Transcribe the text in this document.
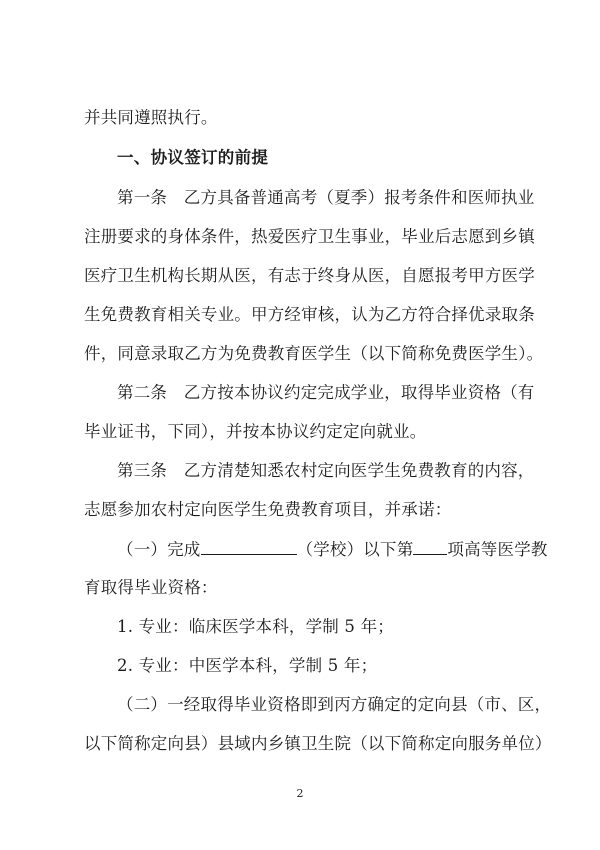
并共同遵照执行。
一、协议签订的前提
第一条　乙方具备普通高考（夏季）报考条件和医师执业
注册要求的身体条件，热爱医疗卫生事业，毕业后志愿到乡镇
医疗卫生机构长期从医，有志于终身从医，自愿报考甲方医学
生免费教育相关专业。甲方经审核，认为乙方符合择优录取条
件，同意录取乙方为免费教育医学生（以下简称免费医学生）。
第二条　乙方按本协议约定完成学业，取得毕业资格（有
毕业证书，下同），并按本协议约定定向就业。
第三条　乙方清楚知悉农村定向医学生免费教育的内容，
志愿参加农村定向医学生免费教育项目，并承诺：
（一）完成	（学校）以下第 项高等医学教
育取得毕业资格：
1. 专业：临床医学本科，学制 5 年；
2. 专业：中医学本科，学制 5 年；
（二）一经取得毕业资格即到丙方确定的定向县（市、区，
以下简称定向县）县域内乡镇卫生院（以下简称定向服务单位）
2
